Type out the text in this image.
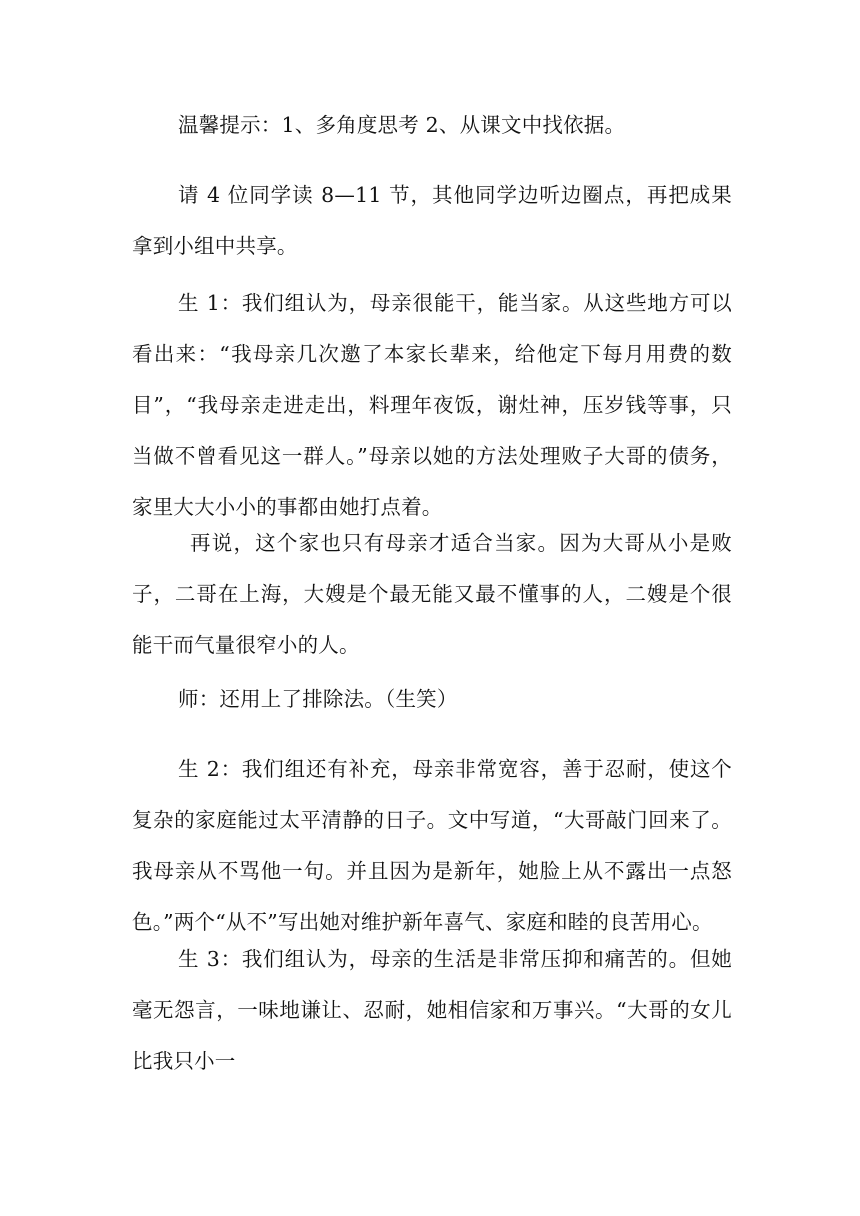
温馨提示：1、多角度思考 2、从课文中找依据。

请 4 位同学读 8—11 节，其他同学边听边圈点，再把成果拿到小组中共享。

生 1：我们组认为，母亲很能干，能当家。从这些地方可以看出来：“我母亲几次邀了本家长辈来，给他定下每月用费的数目”，“我母亲走进走出，料理年夜饭，谢灶神，压岁钱等事，只当做不曾看见这一群人。”母亲以她的方法处理败子大哥的债务，家里大大小小的事都由她打点着。

再说，这个家也只有母亲才适合当家。因为大哥从小是败子，二哥在上海，大嫂是个最无能又最不懂事的人，二嫂是个很能干而气量很窄小的人。

师：还用上了排除法。（生笑）

生 2：我们组还有补充，母亲非常宽容，善于忍耐，使这个复杂的家庭能过太平清静的日子。文中写道，“大哥敲门回来了。我母亲从不骂他一句。并且因为是新年，她脸上从不露出一点怒色。”两个“从不”写出她对维护新年喜气、家庭和睦的良苦用心。

生 3：我们组认为，母亲的生活是非常压抑和痛苦的。但她毫无怨言，一味地谦让、忍耐，她相信家和万事兴。“大哥的女儿比我只小一
